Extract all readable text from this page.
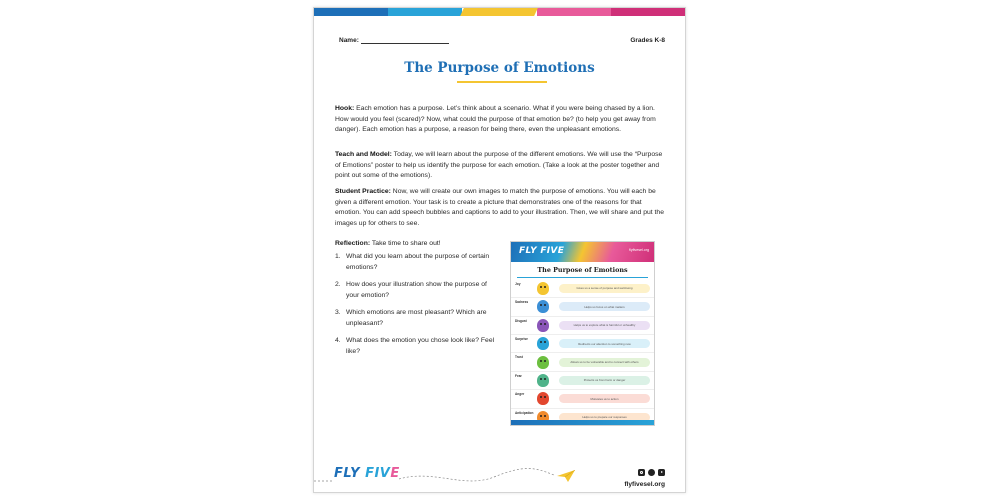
Name:	Grades K-8
The Purpose of Emotions
Hook: Each emotion has a purpose. Let’s think about a scenario. What if you were being chased by a lion. How would you feel (scared)? Now, what could the purpose of that emotion be? (to help you get away from danger). Each emotion has a purpose, a reason for being there, even the unpleasant emotions.
Teach and Model: Today, we will learn about the purpose of the different emotions. We will use the “Purpose of Emotions” poster to help us identify the purpose for each emotion. (Take a look at the poster together and point out some of the emotions).
Student Practice: Now, we will create our own images to match the purpose of emotions. You will each be given a different emotion. Your task is to create a picture that demonstrates one of the reasons for that emotion. You can add speech bubbles and captions to add to your illustration. Then, we will share and put the images up for others to see.
Reflection: Take time to share out!
1. What did you learn about the purpose of certain emotions?
2. How does your illustration show the purpose of your emotion?
3. Which emotions are most pleasant? Which are unpleasant?
4. What does the emotion you chose look like? Feel like?
FLY FIVE	flyfivesel.org
The Purpose of Emotions
Joy
Gives us a sense of purpose and well-being
Sadness
Helps us focus on what matters
Disgust
Helps us to explore what is harmful or unhealthy
Surprise
Redirects our attention to something new
Trust
Allows us to be vulnerable and to connect with others
Fear
Protects us from harm or danger
Anger
Motivates us to action
Anticipation
Helps us to prepare our responses
FLY FIVE
flyfivesel.org
